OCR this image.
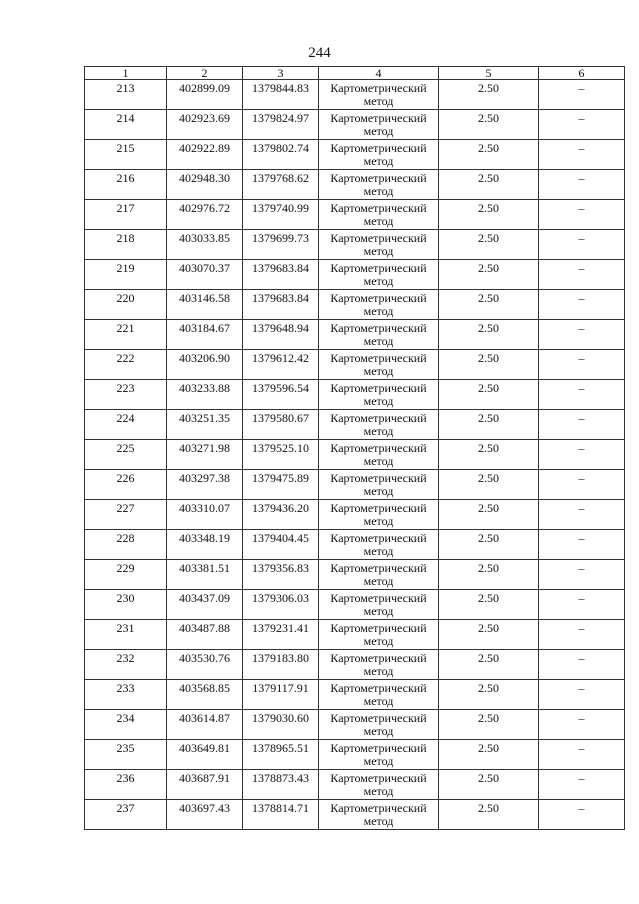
244
1	2	3	4	5	6
213	402899.09	1379844.83	Картометрический метод	2.50	–
214	402923.69	1379824.97	Картометрический метод	2.50	–
215	402922.89	1379802.74	Картометрический метод	2.50	–
216	402948.30	1379768.62	Картометрический метод	2.50	–
217	402976.72	1379740.99	Картометрический метод	2.50	–
218	403033.85	1379699.73	Картометрический метод	2.50	–
219	403070.37	1379683.84	Картометрический метод	2.50	–
220	403146.58	1379683.84	Картометрический метод	2.50	–
221	403184.67	1379648.94	Картометрический метод	2.50	–
222	403206.90	1379612.42	Картометрический метод	2.50	–
223	403233.88	1379596.54	Картометрический метод	2.50	–
224	403251.35	1379580.67	Картометрический метод	2.50	–
225	403271.98	1379525.10	Картометрический метод	2.50	–
226	403297.38	1379475.89	Картометрический метод	2.50	–
227	403310.07	1379436.20	Картометрический метод	2.50	–
228	403348.19	1379404.45	Картометрический метод	2.50	–
229	403381.51	1379356.83	Картометрический метод	2.50	–
230	403437.09	1379306.03	Картометрический метод	2.50	–
231	403487.88	1379231.41	Картометрический метод	2.50	–
232	403530.76	1379183.80	Картометрический метод	2.50	–
233	403568.85	1379117.91	Картометрический метод	2.50	–
234	403614.87	1379030.60	Картометрический метод	2.50	–
235	403649.81	1378965.51	Картометрический метод	2.50	–
236	403687.91	1378873.43	Картометрический метод	2.50	–
237	403697.43	1378814.71	Картометрический метод	2.50	–
